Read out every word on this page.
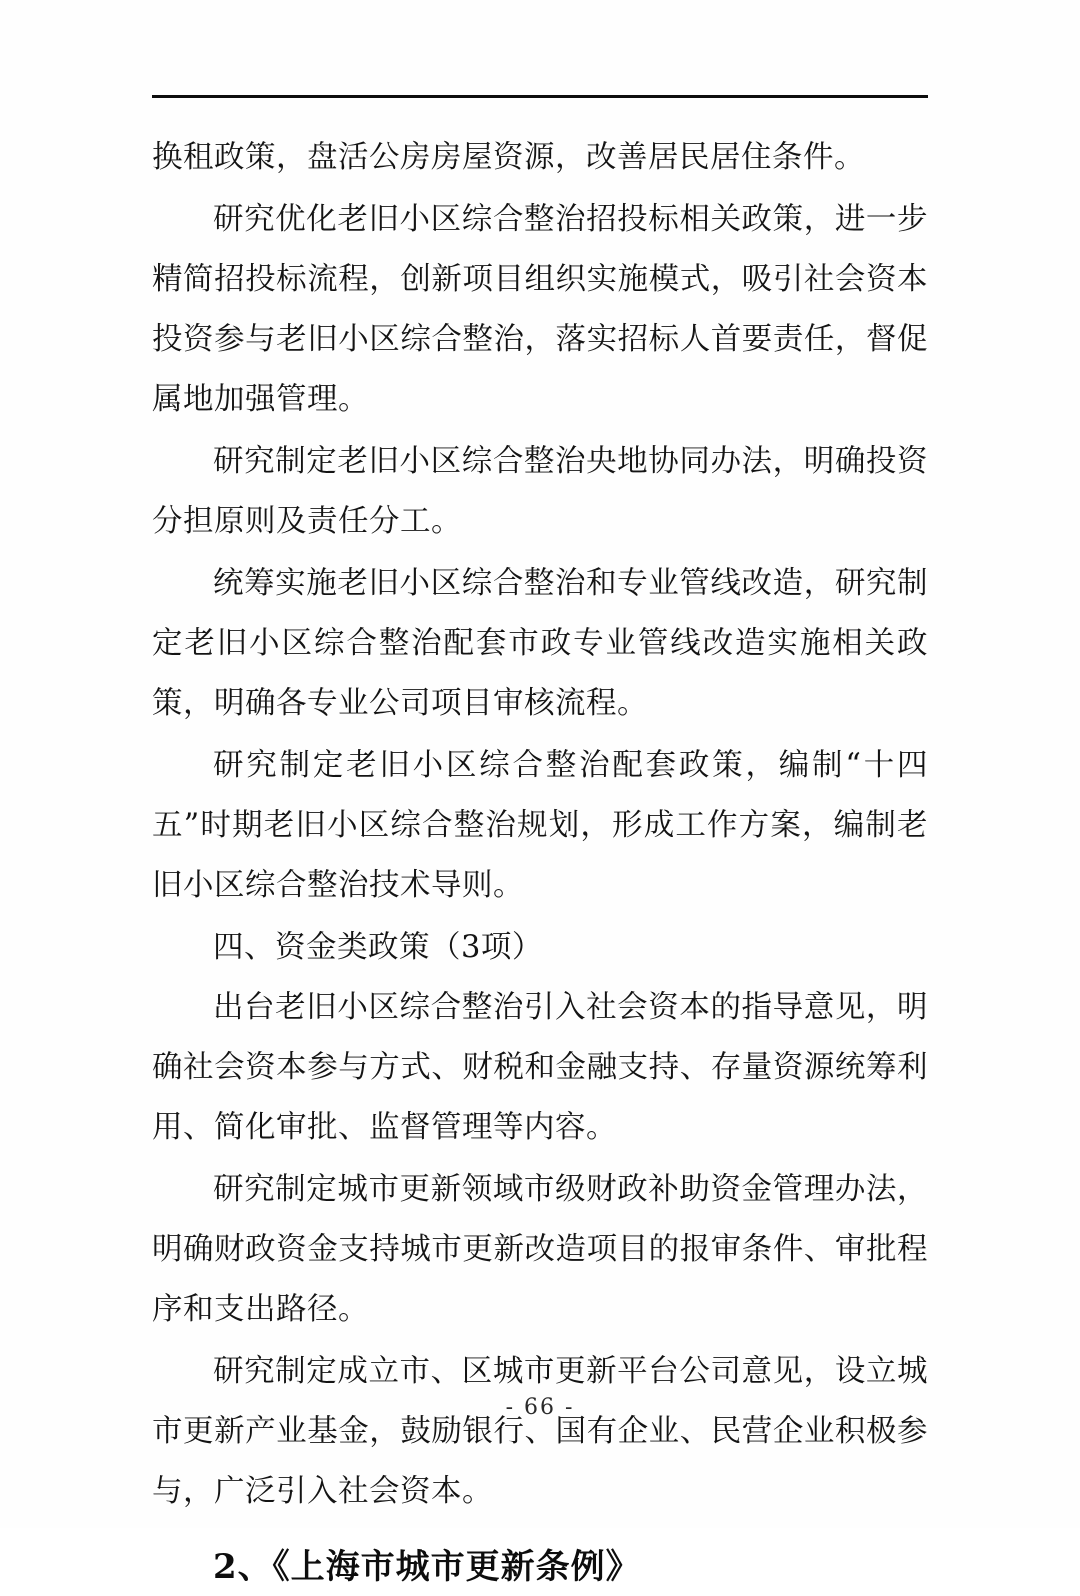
换租政策，盘活公房房屋资源，改善居民居住条件。

研究优化老旧小区综合整治招投标相关政策，进一步精简招投标流程，创新项目组织实施模式，吸引社会资本投资参与老旧小区综合整治，落实招标人首要责任，督促属地加强管理。

研究制定老旧小区综合整治央地协同办法，明确投资分担原则及责任分工。

统筹实施老旧小区综合整治和专业管线改造，研究制定老旧小区综合整治配套市政专业管线改造实施相关政策，明确各专业公司项目审核流程。

研究制定老旧小区综合整治配套政策，编制“十四五”时期老旧小区综合整治规划，形成工作方案，编制老旧小区综合整治技术导则。

四、资金类政策（3项）

出台老旧小区综合整治引入社会资本的指导意见，明确社会资本参与方式、财税和金融支持、存量资源统筹利用、简化审批、监督管理等内容。

研究制定城市更新领域市级财政补助资金管理办法，明确财政资金支持城市更新改造项目的报审条件、审批程序和支出路径。

研究制定成立市、区城市更新平台公司意见，设立城市更新产业基金，鼓励银行、国有企业、民营企业积极参与，广泛引入社会资本。

2、《上海市城市更新条例》
- 66 -
